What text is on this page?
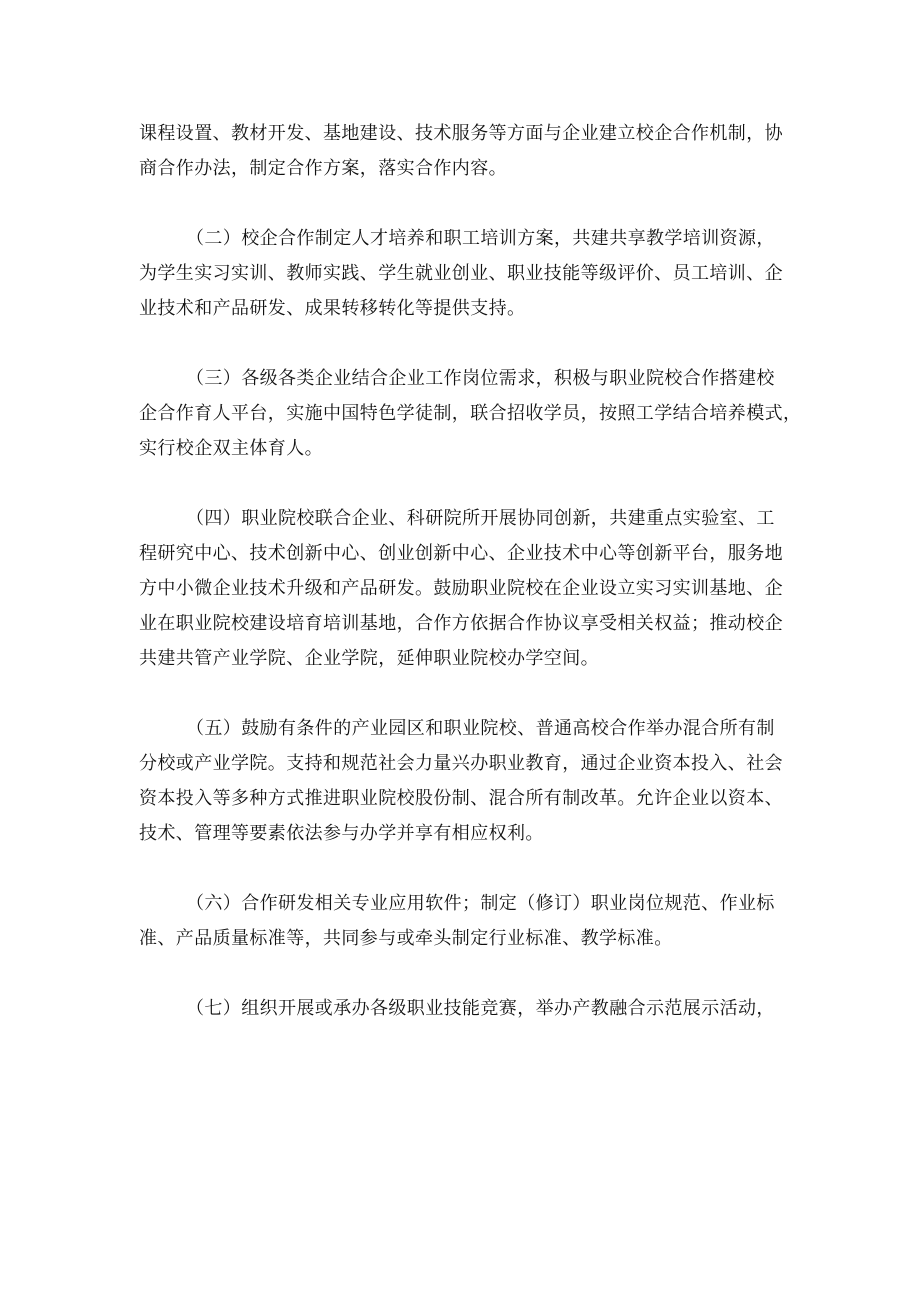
课程设置、教材开发、基地建设、技术服务等方面与企业建立校企合作机制，协
商合作办法，制定合作方案，落实合作内容。
（二）校企合作制定人才培养和职工培训方案，共建共享教学培训资源，
为学生实习实训、教师实践、学生就业创业、职业技能等级评价、员工培训、企
业技术和产品研发、成果转移转化等提供支持。
（三）各级各类企业结合企业工作岗位需求，积极与职业院校合作搭建校
企合作育人平台，实施中国特色学徒制，联合招收学员，按照工学结合培养模式，
实行校企双主体育人。
（四）职业院校联合企业、科研院所开展协同创新，共建重点实验室、工
程研究中心、技术创新中心、创业创新中心、企业技术中心等创新平台，服务地
方中小微企业技术升级和产品研发。鼓励职业院校在企业设立实习实训基地、企
业在职业院校建设培育培训基地，合作方依据合作协议享受相关权益；推动校企
共建共管产业学院、企业学院，延伸职业院校办学空间。
（五）鼓励有条件的产业园区和职业院校、普通高校合作举办混合所有制
分校或产业学院。支持和规范社会力量兴办职业教育，通过企业资本投入、社会
资本投入等多种方式推进职业院校股份制、混合所有制改革。允许企业以资本、
技术、管理等要素依法参与办学并享有相应权利。
（六）合作研发相关专业应用软件；制定（修订）职业岗位规范、作业标
准、产品质量标准等，共同参与或牵头制定行业标准、教学标准。
（七）组织开展或承办各级职业技能竞赛，举办产教融合示范展示活动，
